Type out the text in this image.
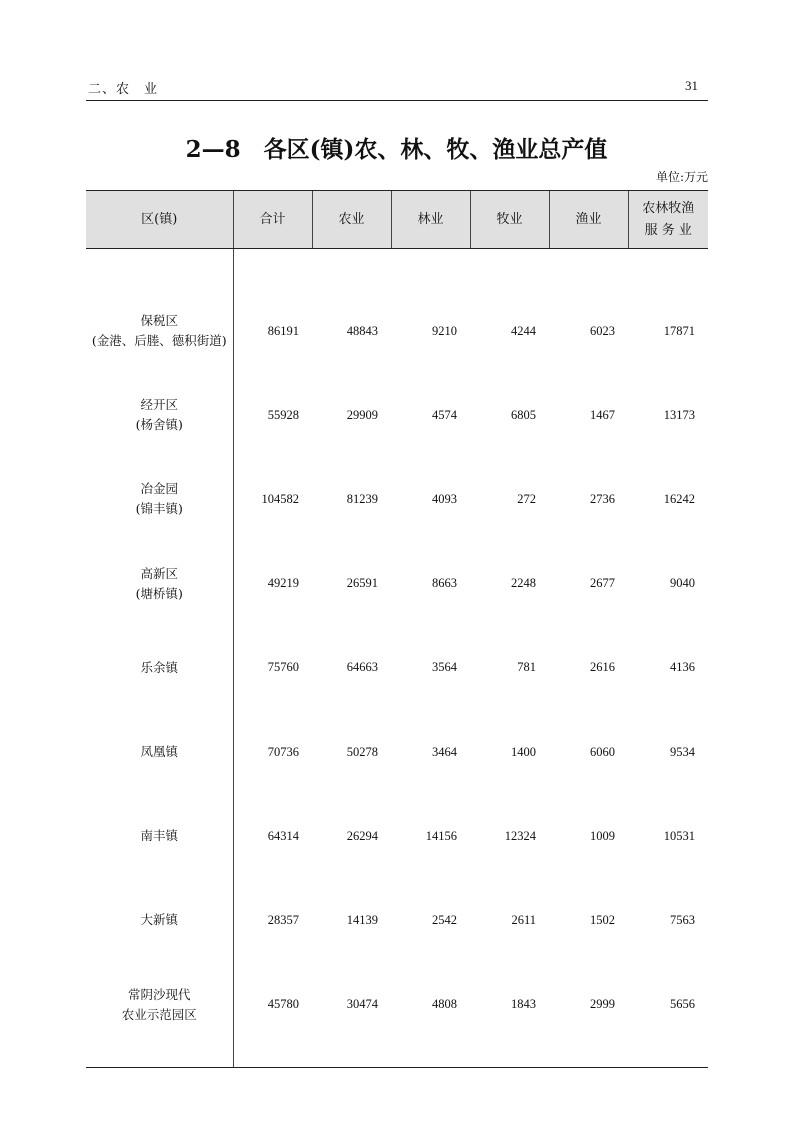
二、农　业	31
2—8　各区(镇)农、林、牧、渔业总产值
单位:万元
区(镇)	合计	农业	林业	牧业	渔业	农林牧渔
服 务 业

保税区
(金港、后塍、德积街道)	86191	48843	9210	4244	6023	17871

经开区
(杨舍镇)	55928	29909	4574	6805	1467	13173

冶金园
(锦丰镇)	104582	81239	4093	272	2736	16242

高新区
(塘桥镇)	49219	26591	8663	2248	2677	9040

乐余镇	75760	64663	3564	781	2616	4136

凤凰镇	70736	50278	3464	1400	6060	9534

南丰镇	64314	26294	14156	12324	1009	10531

大新镇	28357	14139	2542	2611	1502	7563

常阴沙现代
农业示范园区	45780	30474	4808	1843	2999	5656
